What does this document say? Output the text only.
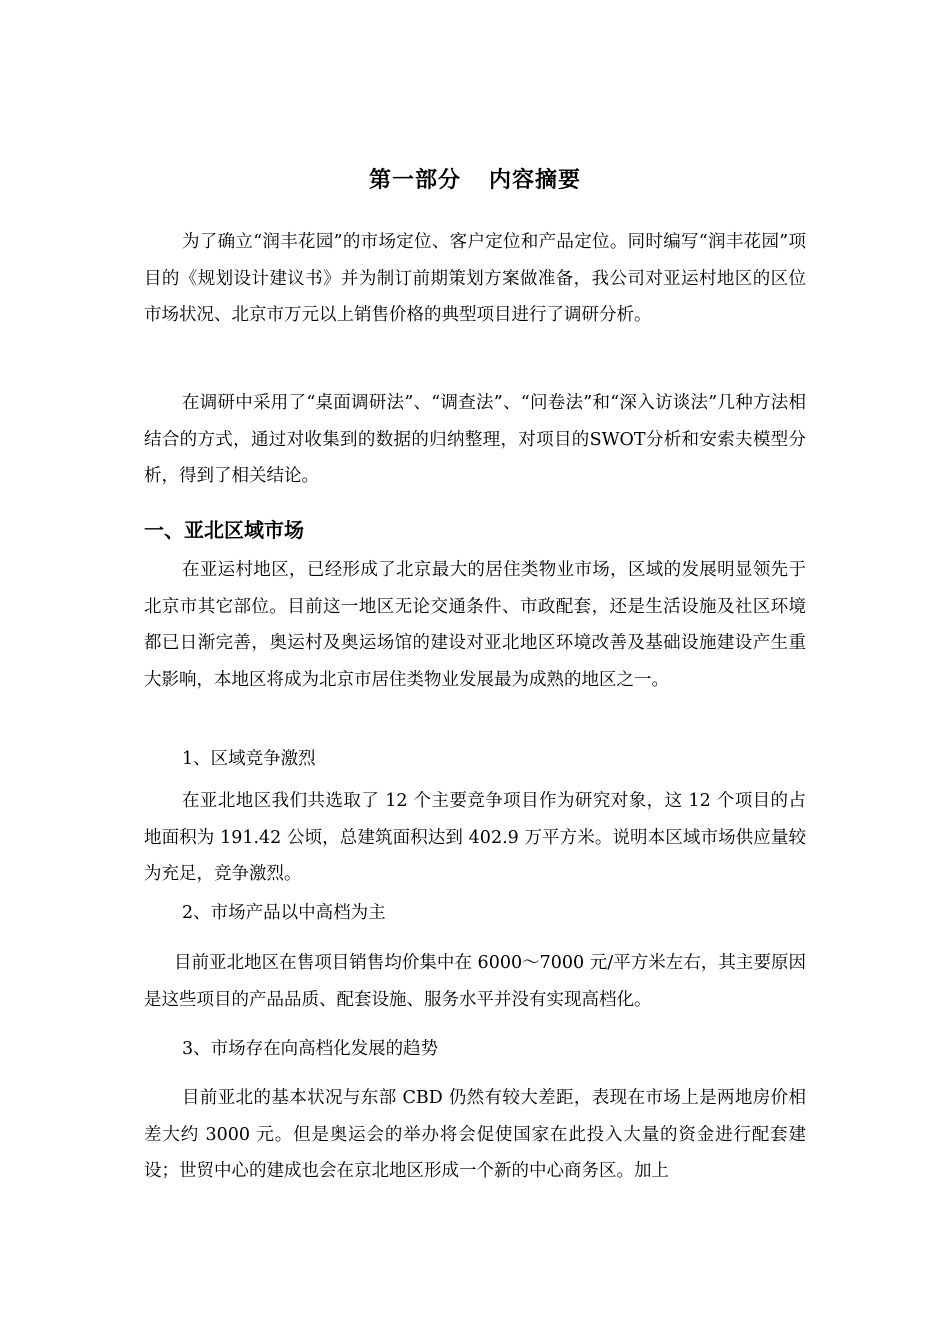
第一部分 内容摘要

为了确立“润丰花园”的市场定位、客户定位和产品定位。同时编写“润丰花园”项目的《规划设计建议书》并为制订前期策划方案做准备，我公司对亚运村地区的区位市场状况、北京市万元以上销售价格的典型项目进行了调研分析。

在调研中采用了“桌面调研法”、“调查法”、“问卷法”和“深入访谈法”几种方法相结合的方式，通过对收集到的数据的归纳整理，对项目的SWOT分析和安索夫模型分析，得到了相关结论。

一、亚北区域市场

在亚运村地区，已经形成了北京最大的居住类物业市场，区域的发展明显领先于北京市其它部位。目前这一地区无论交通条件、市政配套，还是生活设施及社区环境都已日渐完善，奥运村及奥运场馆的建设对亚北地区环境改善及基础设施建设产生重大影响，本地区将成为北京市居住类物业发展最为成熟的地区之一。

1、区域竞争激烈

在亚北地区我们共选取了 12 个主要竞争项目作为研究对象，这 12 个项目的占地面积为 191.42 公顷，总建筑面积达到 402.9 万平方米。说明本区域市场供应量较为充足，竞争激烈。

2、市场产品以中高档为主

目前亚北地区在售项目销售均价集中在 6000～7000 元/平方米左右，其主要原因是这些项目的产品品质、配套设施、服务水平并没有实现高档化。

3、市场存在向高档化发展的趋势

目前亚北的基本状况与东部 CBD 仍然有较大差距，表现在市场上是两地房价相差大约 3000 元。但是奥运会的举办将会促使国家在此投入大量的资金进行配套建设；世贸中心的建成也会在京北地区形成一个新的中心商务区。加上
